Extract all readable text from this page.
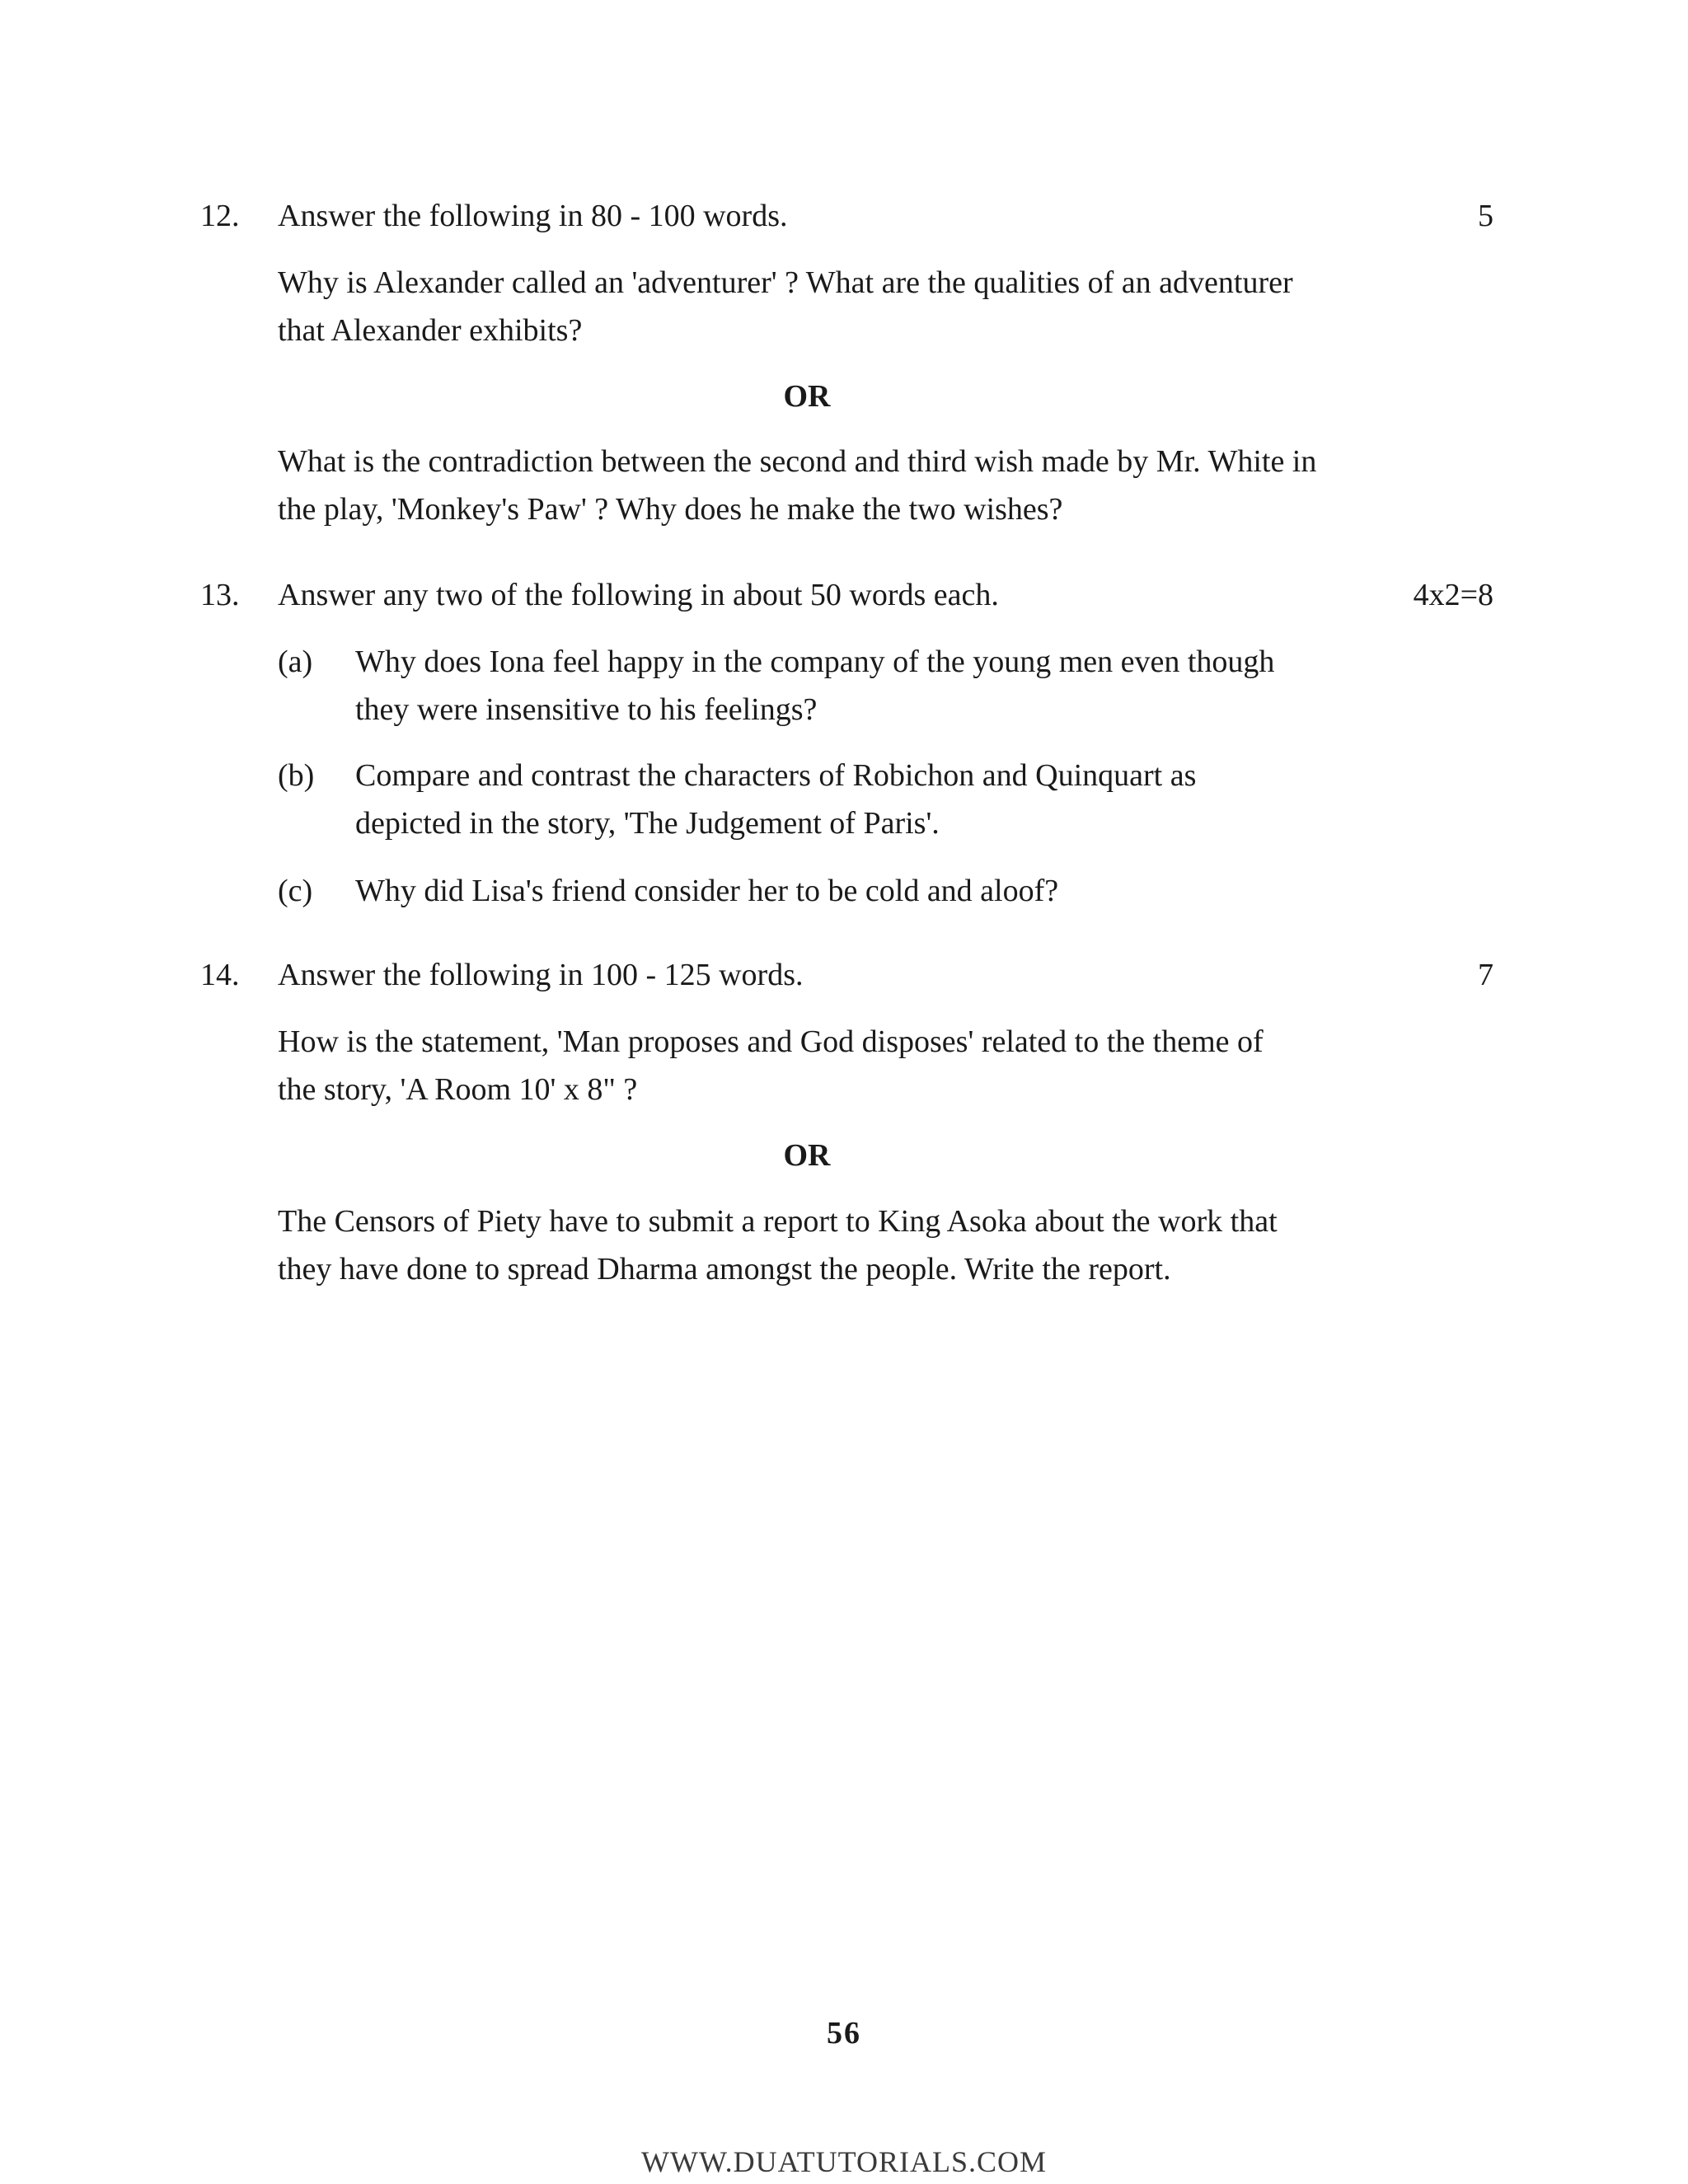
12. Answer the following in 80 - 100 words.	5
Why is Alexander called an 'adventurer' ? What are the qualities of an adventurer
that Alexander exhibits?
OR
What is the contradiction between the second and third wish made by Mr. White in
the play, 'Monkey's Paw' ? Why does he make the two wishes?
13. Answer any two of the following in about 50 words each.	4x2=8
(a) Why does Iona feel happy in the company of the young men even though
they were insensitive to his feelings?
(b) Compare and contrast the characters of Robichon and Quinquart as
depicted in the story, 'The Judgement of Paris'.
(c) Why did Lisa's friend consider her to be cold and aloof?
14. Answer the following in 100 - 125 words.	7
How is the statement, 'Man proposes and God disposes' related to the theme of
the story, 'A Room 10' x 8" ?
OR
The Censors of Piety have to submit a report to King Asoka about the work that
they have done to spread Dharma amongst the people. Write the report.
56
WWW.DUATUTORIALS.COM
